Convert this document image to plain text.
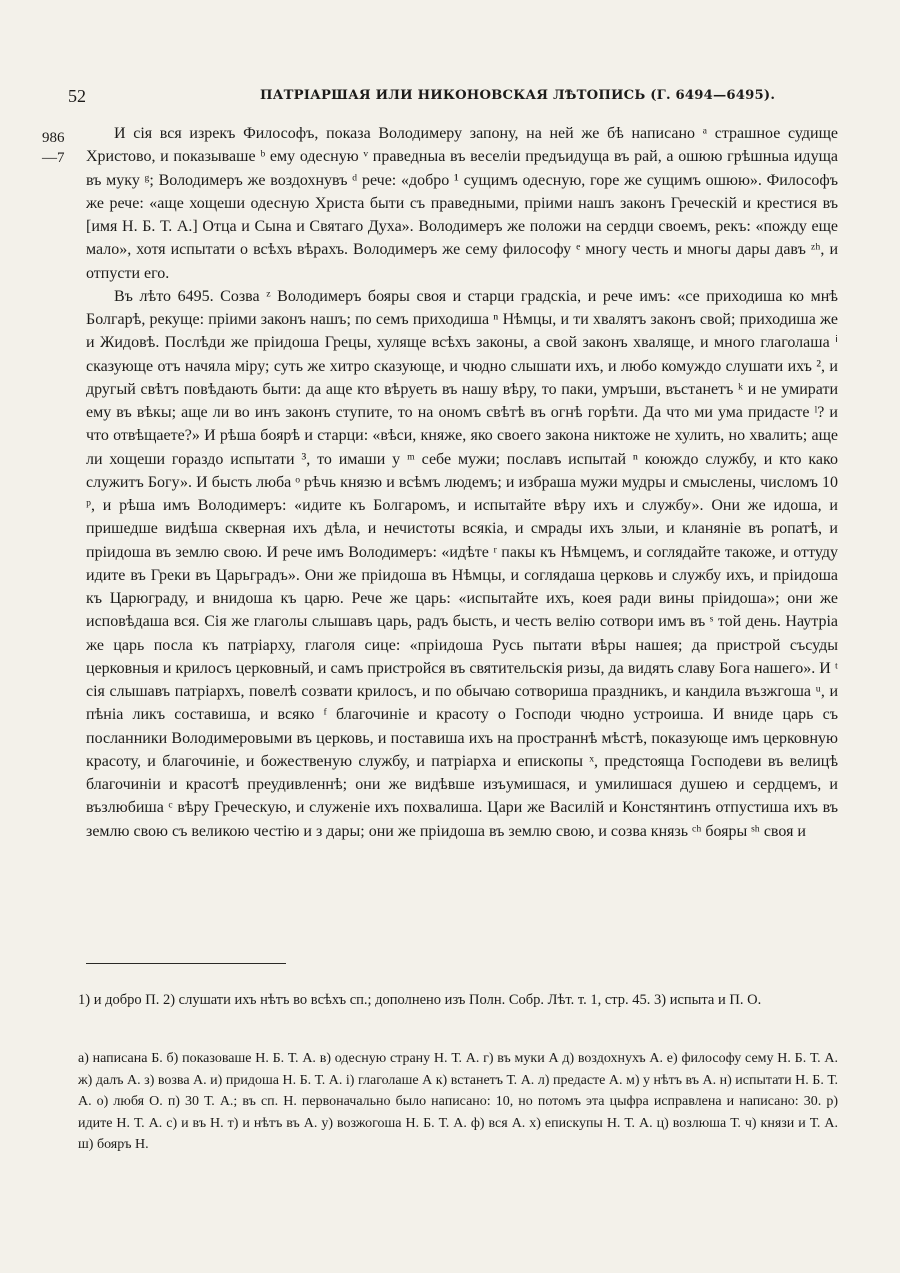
52	ПАТРІАРШАЯ ИЛИ НИКОНОВСКАЯ ЛѢТОПИСЬ (Г. 6494—6495).
986
—7

И сія вся изрекъ Философъ, показа Володимеру запону, на ней же бѣ написано ᵃ страшное судище Христово, и показываше ᵇ ему одесную ᵛ праведныа въ веселіи предъидуща въ рай, а ошюю грѣшныа идуща въ муку ᵍ; Володимеръ же воздохнувъ ᵈ рече: «добро ¹ сущимъ одесную, горе же сущимъ ошюю». Философъ же рече: «аще хощеши одесную Христа быти съ праведными, пріими нашъ законъ Греческій и крестися въ [имя Н. Б. Т. А.] Отца и Сына и Святаго Духа». Володимеръ же положи на сердци своемъ, рекъ: «пожду еще мало», хотя испытати о всѣхъ вѣрахъ. Володимеръ же сему философу ᵉ многу честь и многы дары давъ ᶻʰ, и отпусти его.

Въ лѣто 6495. Созва ᶻ Володимеръ бояры своя и старци градскіа, и рече имъ: «се приходиша ко мнѣ Болгарѣ, рекуще: пріими законъ нашъ; по семъ приходиша ⁿ Нѣмцы, и ти хвалятъ законъ свой; приходиша же и Жидовѣ. Послѣди же пріидоша Грецы, хуляще всѣхъ законы, а свой законъ хваляще, и много глаголаша ⁱ сказующе отъ начяла міру; суть же хитро сказующе, и чюдно слышати ихъ, и любо комуждо слушати ихъ ², и другый свѣтъ повѣдають быти: да аще кто вѣруеть въ нашу вѣру, то паки, умръши, въстанетъ ᵏ и не умирати ему въ вѣкы; аще ли во инъ законъ ступите, то на ономъ свѣтѣ въ огнѣ горѣти. Да что ми ума придасте ˡ? и что отвѣщаете?» И рѣша боярѣ и старци: «вѣси, княже, яко своего закона никтоже не хулить, но хвалить; аще ли хощеши гораздо испытати ³, то имаши у ᵐ себе мужи; пославъ испытай ⁿ коюждо службу, и кто како служитъ Богу». И бысть люба ᵒ рѣчь князю и всѣмъ людемъ; и избраша мужи мудры и смыслены, числомъ 10 ᵖ, и рѣша имъ Володимеръ: «идите къ Болгаромъ, и испытайте вѣру ихъ и службу». Они же идоша, и пришедше видѣша скверная ихъ дѣла, и нечистоты всякіа, и смрады ихъ злыи, и кланяніе въ ропатѣ, и пріидоша въ землю свою. И рече имъ Володимеръ: «идѣте ʳ пакы къ Нѣмцемъ, и соглядайте такоже, и оттуду идите въ Греки въ Царьградъ». Они же пріидоша въ Нѣмцы, и соглядаша церковь и службу ихъ, и пріидоша къ Царюграду, и внидоша къ царю. Рече же царь: «испытайте ихъ, коея ради вины пріидоша»; они же исповѣдаша вся. Сія же глаголы слышавъ царь, радъ бысть, и честь велію сотвори имъ въ ˢ той день. Наутріа же царь посла къ патріарху, глаголя сице: «пріидоша Русь пытати вѣры нашея; да пристрой съсуды церковныя и крилосъ церковный, и самъ пристройся въ святительскія ризы, да видять славу Бога нашего». И ᵗ сія слышавъ патріархъ, повелѣ созвати крилосъ, и по обычаю сотвориша праздникъ, и кандила възжгоша ᵘ, и пѣніа ликъ составиша, и всяко ᶠ благочиніе и красоту о Господи чюдно устроиша. И вниде царь съ посланники Володимеровыми въ церковь, и поставиша ихъ на пространнѣ мѣстѣ, показующе имъ церковную красоту, и благочиніе, и божественую службу, и патріарха и епископы ˣ, предстояща Господеви въ велицѣ благочиніи и красотѣ преудивленнѣ; они же видѣвше изъумишася, и умилишася душею и сердцемъ, и възлюбиша ᶜ вѣру Греческую, и служеніе ихъ похвалиша. Цари же Василій и Констянтинъ отпустиша ихъ въ землю свою съ великою честію и з дары; они же пріидоша въ землю свою, и созва князь ᶜʰ бояры ˢʰ своя и

1) и добро П. 2) слушати ихъ нѣтъ во всѣхъ сп.; дополнено изъ Полн. Собр. Лѣт. т. 1, стр. 45. 3) испыта и П. О.

а) написана Б. б) показоваше Н. Б. Т. А. в) одесную страну Н. Т. А. г) въ муки А д) воздохнухъ А. е) философу сему Н. Б. Т. А. ж) далъ А. з) возва А. и) придоша Н. Б. Т. А. і) глаголаше А к) встанетъ Т. А. л) предасте А. м) у нѣтъ въ А. н) испытати Н. Б. Т. А. о) любя О. п) 30 Т. А.; въ сп. Н. первоначально было написано: 10, но потомъ эта цыфра исправлена и написано: 30. р) идите Н. Т. А. с) и въ Н. т) и нѣтъ въ А. у) возжогоша Н. Б. Т. А. ф) вся А. х) епискупы Н. Т. А. ц) возлюша Т. ч) князи и Т. А. ш) бояръ Н.
